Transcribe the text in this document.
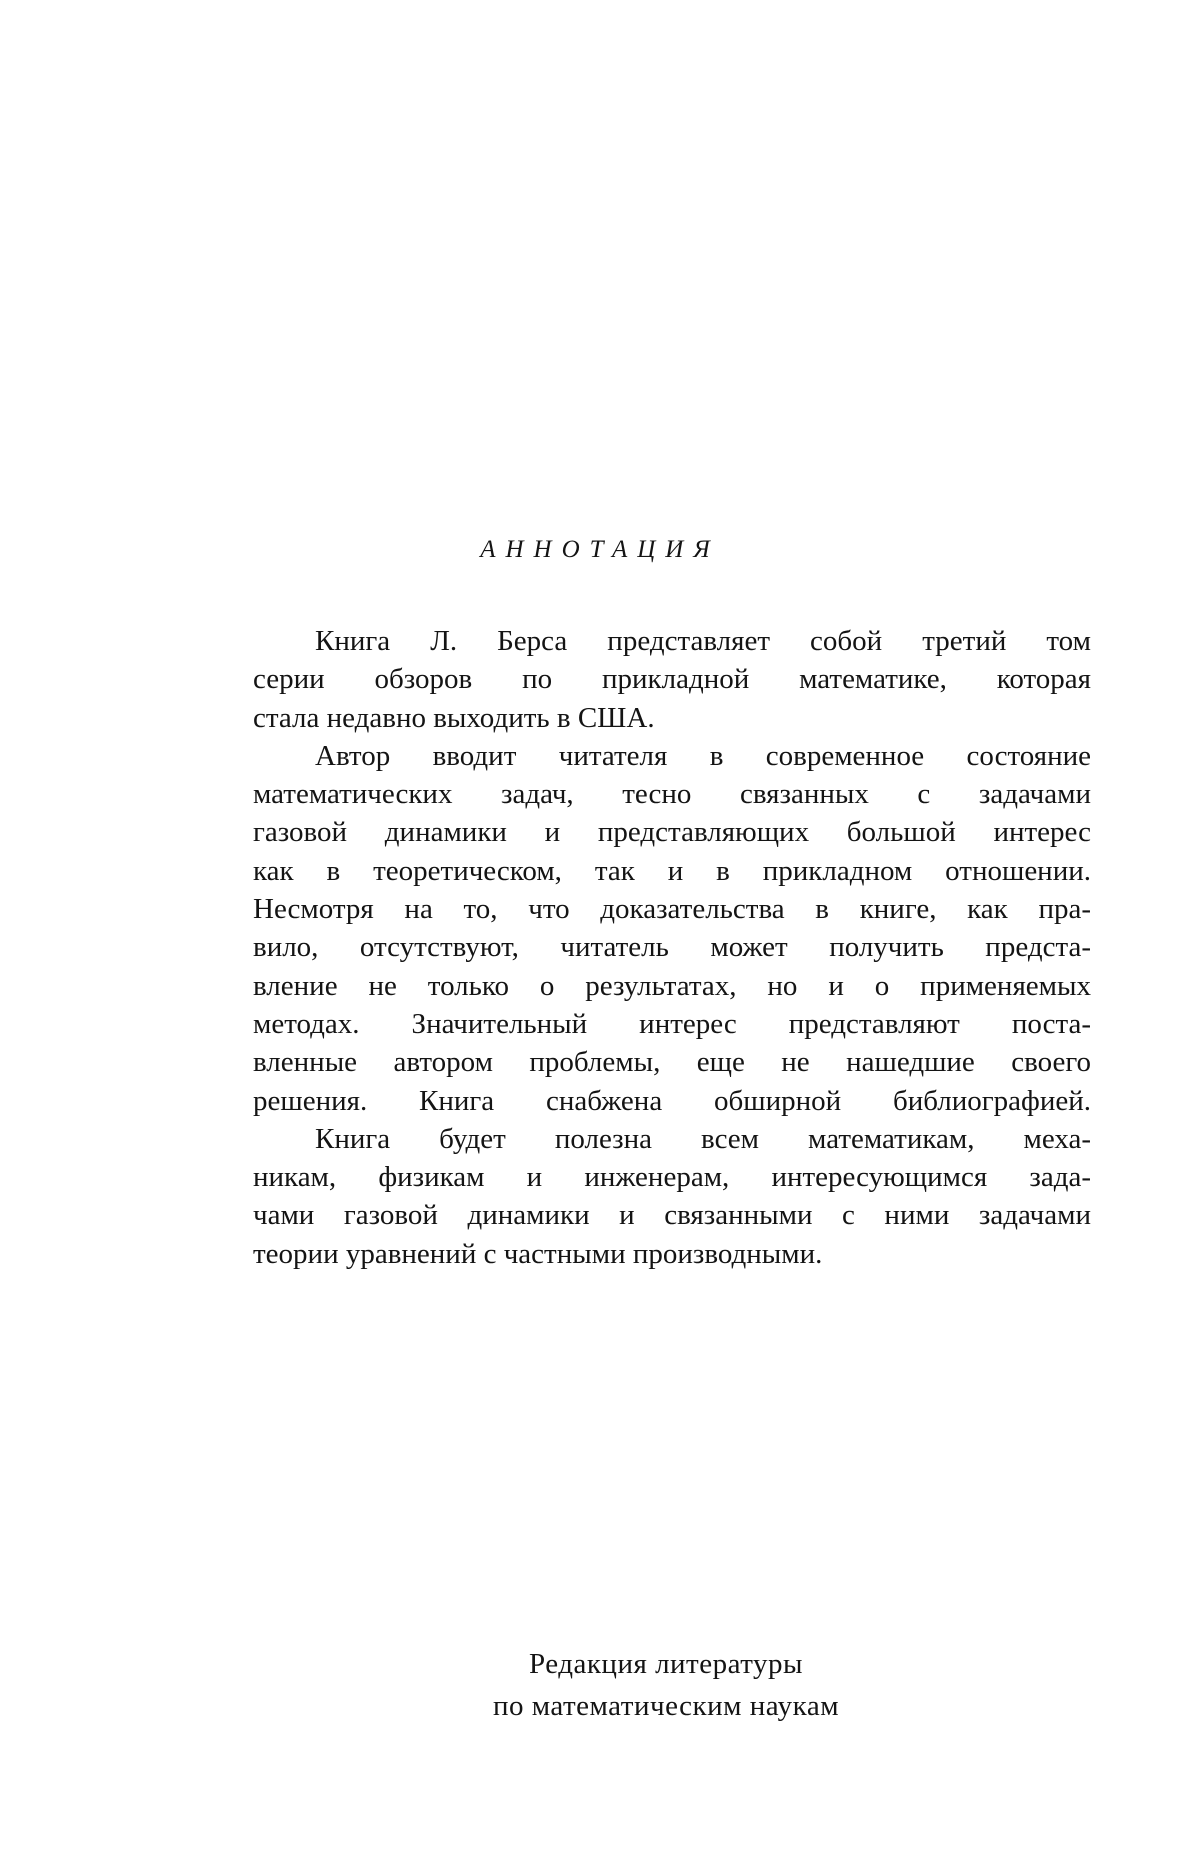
АННОТАЦИЯ
Книга Л. Берса представляет собой третий том
серии обзоров по прикладной математике, которая
стала недавно выходить в США.
Автор вводит читателя в современное состояние
математических задач, тесно связанных с задачами
газовой динамики и представляющих большой интерес
как в теоретическом, так и в прикладном отношении.
Несмотря на то, что доказательства в книге, как пра-
вило, отсутствуют, читатель может получить предста-
вление не только о результатах, но и о применяемых
методах. Значительный интерес представляют поста-
вленные автором проблемы, еще не нашедшие своего
решения. Книга снабжена обширной библиографией.
Книга будет полезна всем математикам, меха-
никам, физикам и инженерам, интересующимся зада-
чами газовой динамики и связанными с ними задачами
теории уравнений с частными производными.
Редакция литературы
по математическим наукам
